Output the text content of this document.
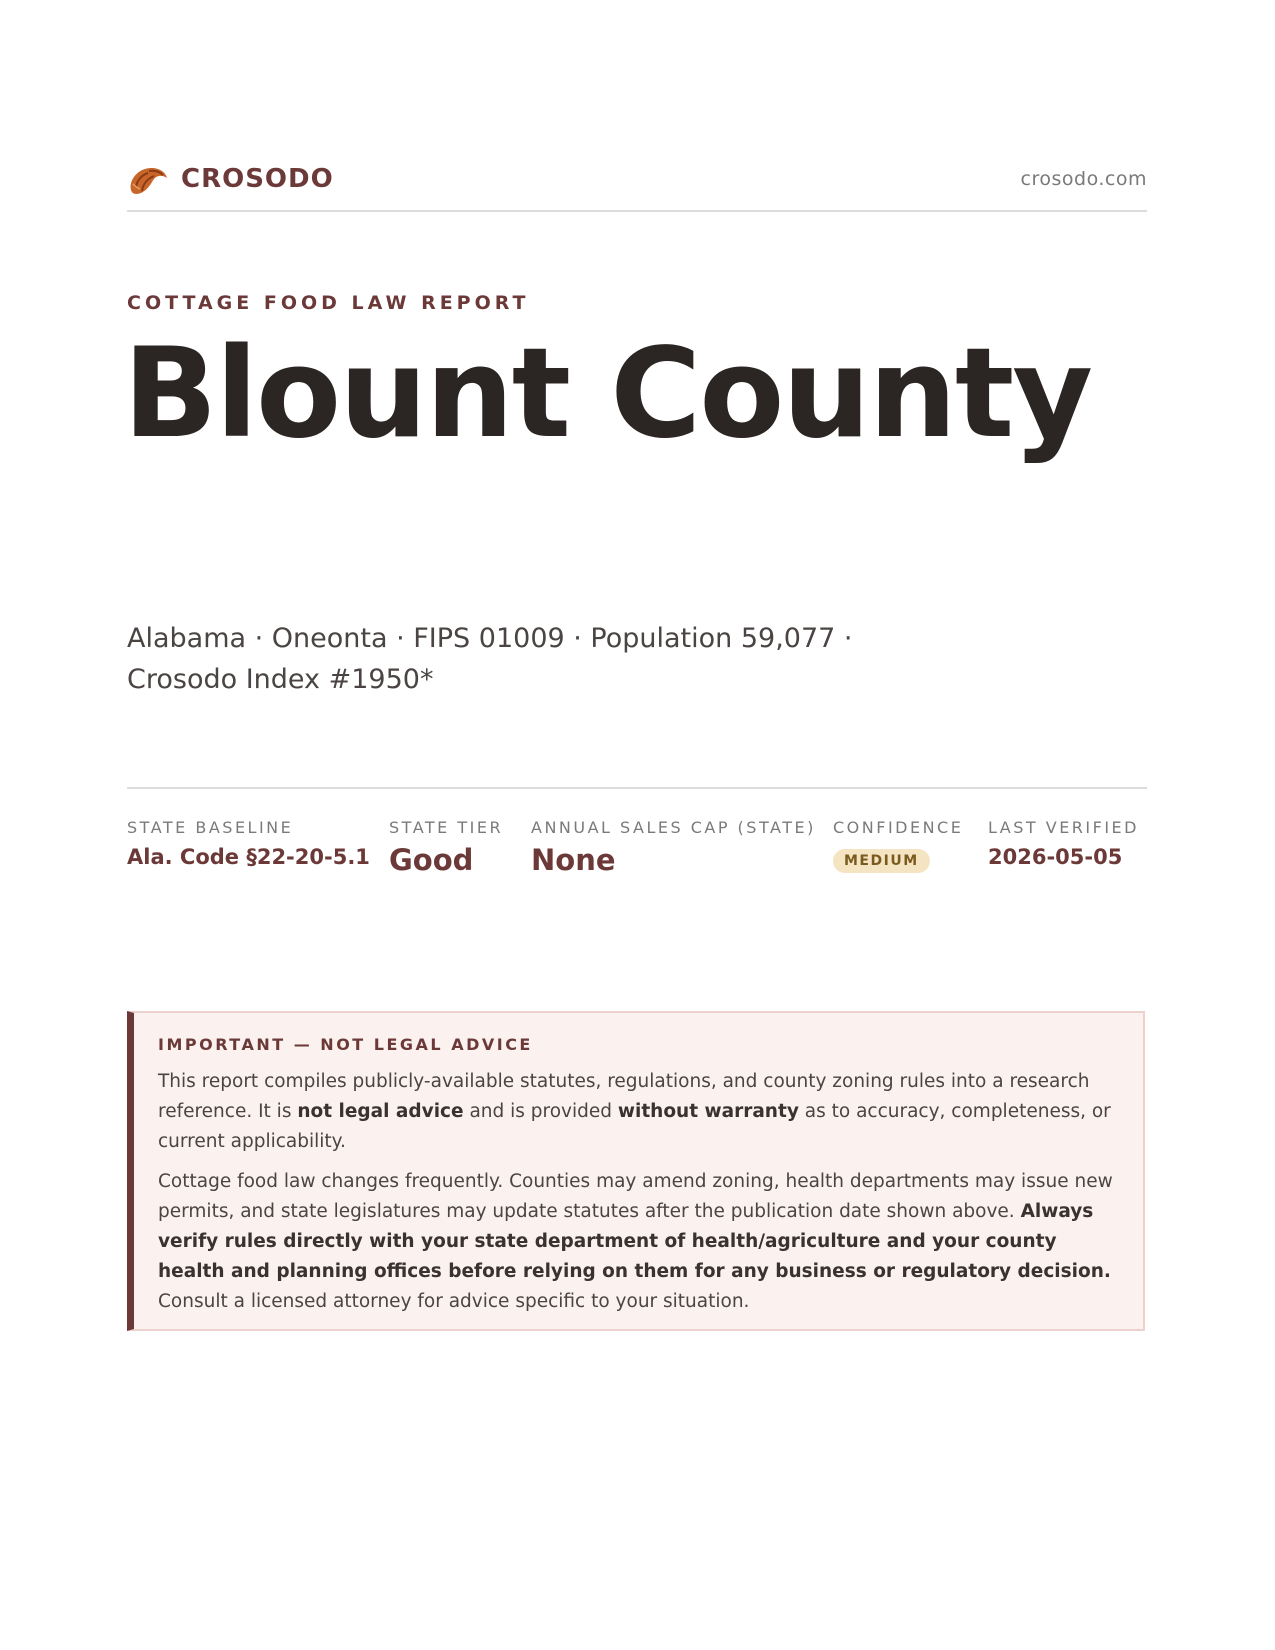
CROSODO	crosodo.com
COTTAGE FOOD LAW REPORT
Blount County
Alabama · Oneonta · FIPS 01009 · Population 59,077 ·
Crosodo Index #1950*
STATE BASELINE
Ala. Code §22-20-5.1
STATE TIER
Good
ANNUAL SALES CAP (STATE)
None
CONFIDENCE
MEDIUM
LAST VERIFIED
2026-05-05
IMPORTANT — NOT LEGAL ADVICE

This report compiles publicly-available statutes, regulations, and county zoning rules into a research reference. It is not legal advice and is provided without warranty as to accuracy, completeness, or current applicability.

Cottage food law changes frequently. Counties may amend zoning, health departments may issue new permits, and state legislatures may update statutes after the publication date shown above. Always verify rules directly with your state department of health/agriculture and your county health and planning offices before relying on them for any business or regulatory decision. Consult a licensed attorney for advice specific to your situation.
